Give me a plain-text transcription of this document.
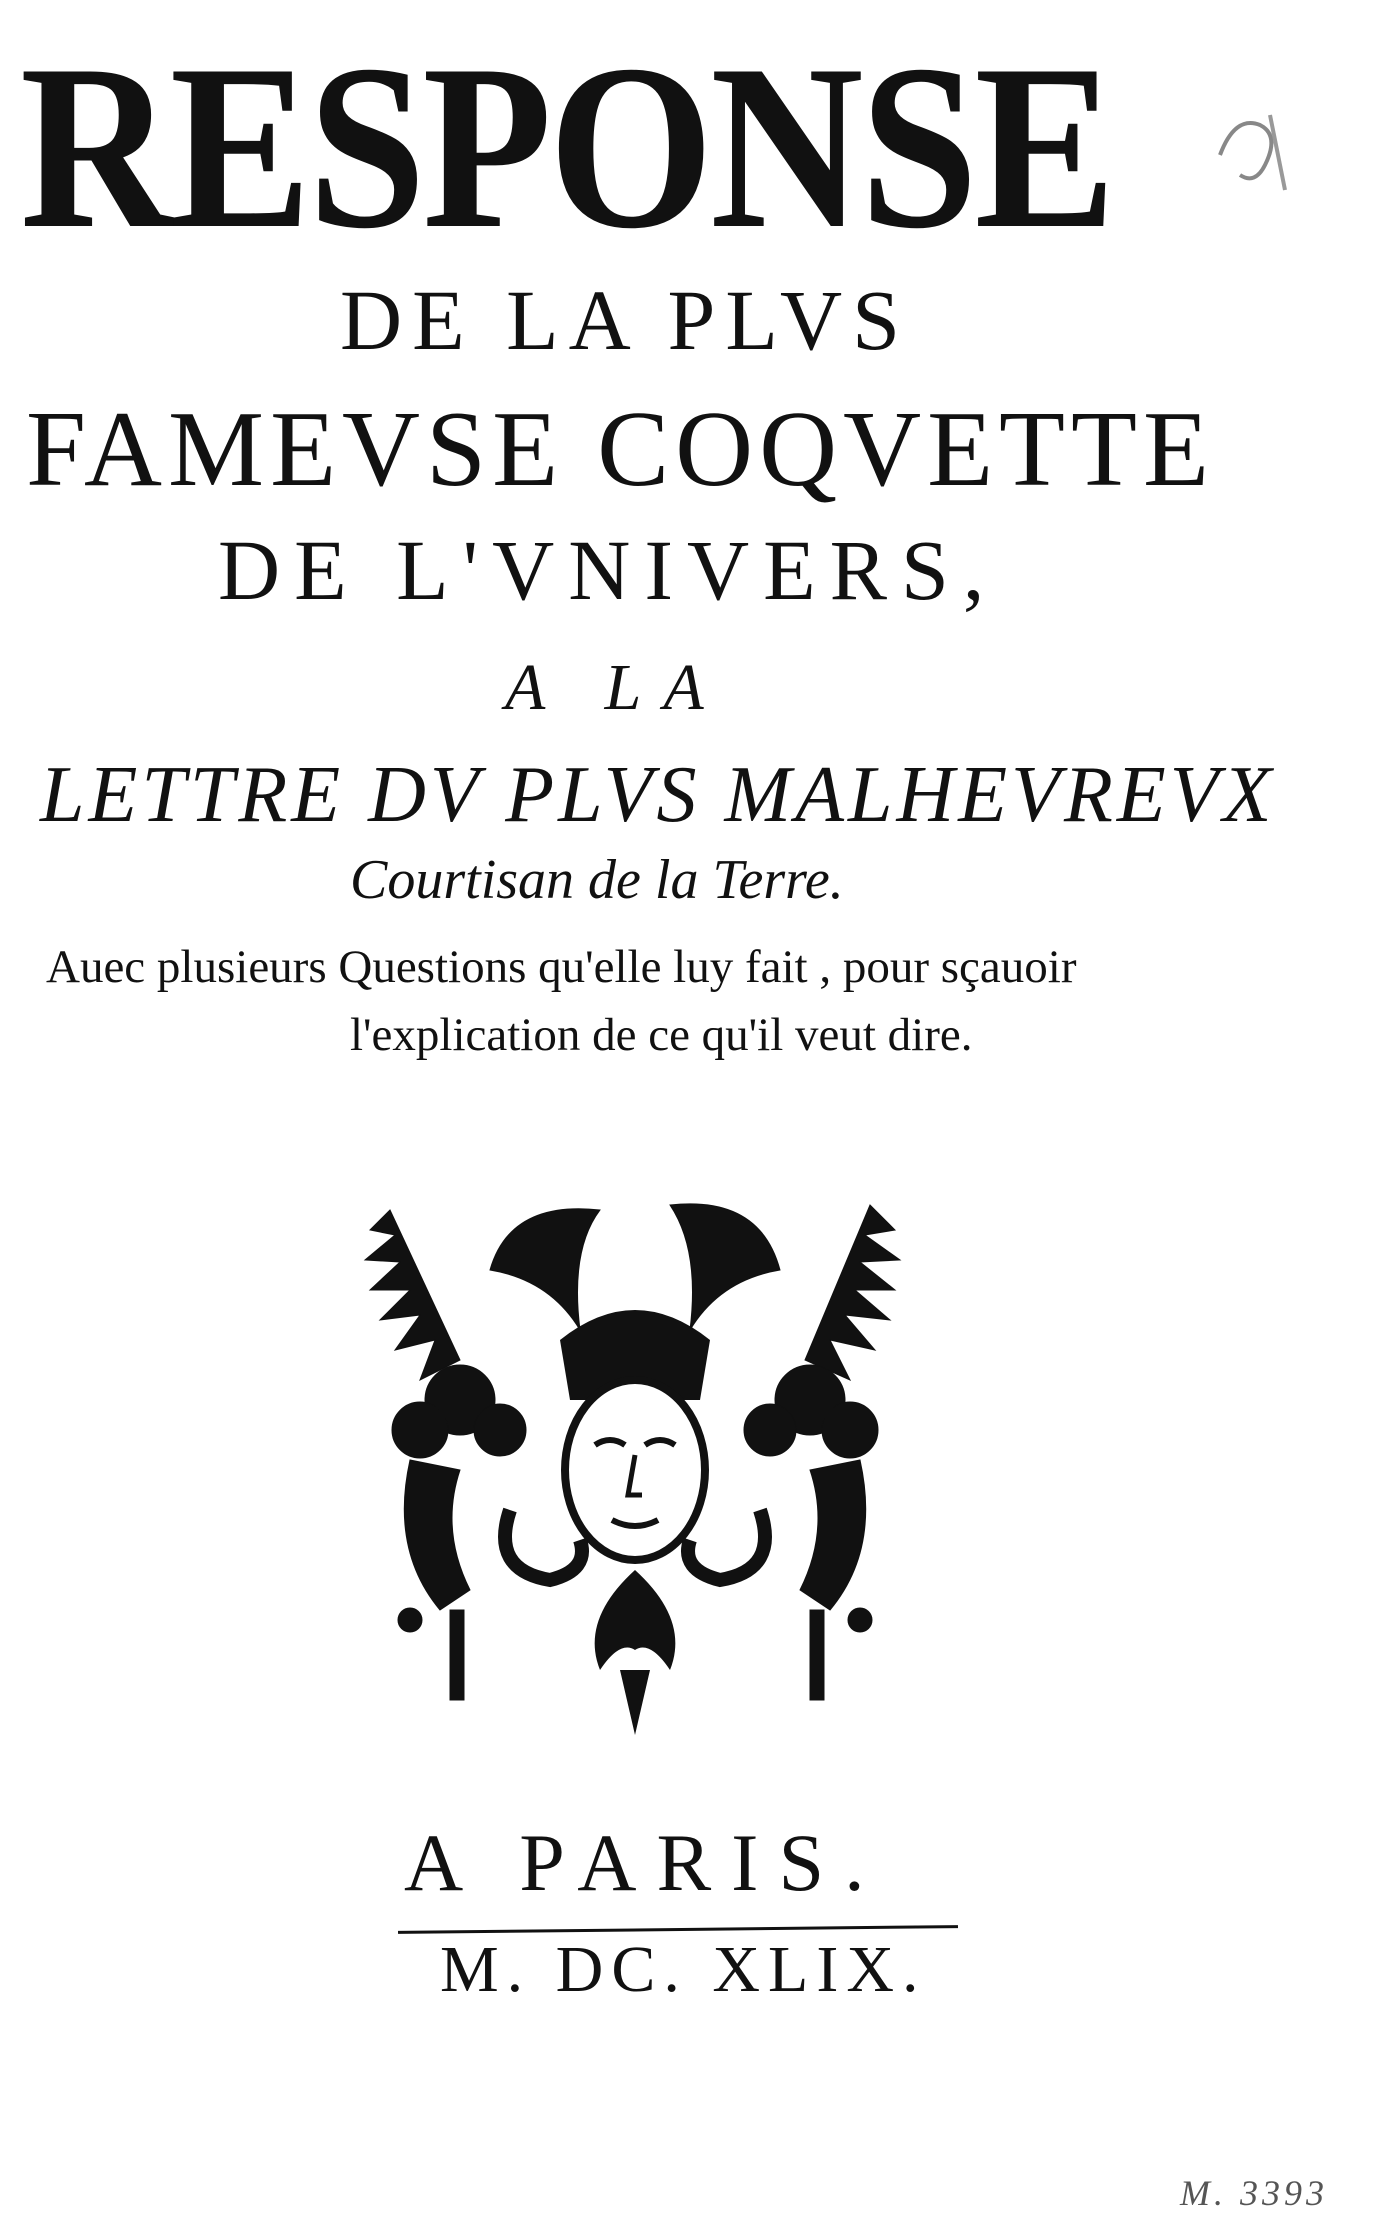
RESPONSE
DE LA PLVS
FAMEVSE COQVETTE
DE L'VNIVERS,
A LA
LETTRE DV PLVS MALHEVREVX
Courtisan de la Terre.
Auec plusieurs Questions qu'elle luy fait , pour sçauoir
l'explication de ce qu'il veut dire.
A PARIS.
M. DC. XLIX.
M. 3393
